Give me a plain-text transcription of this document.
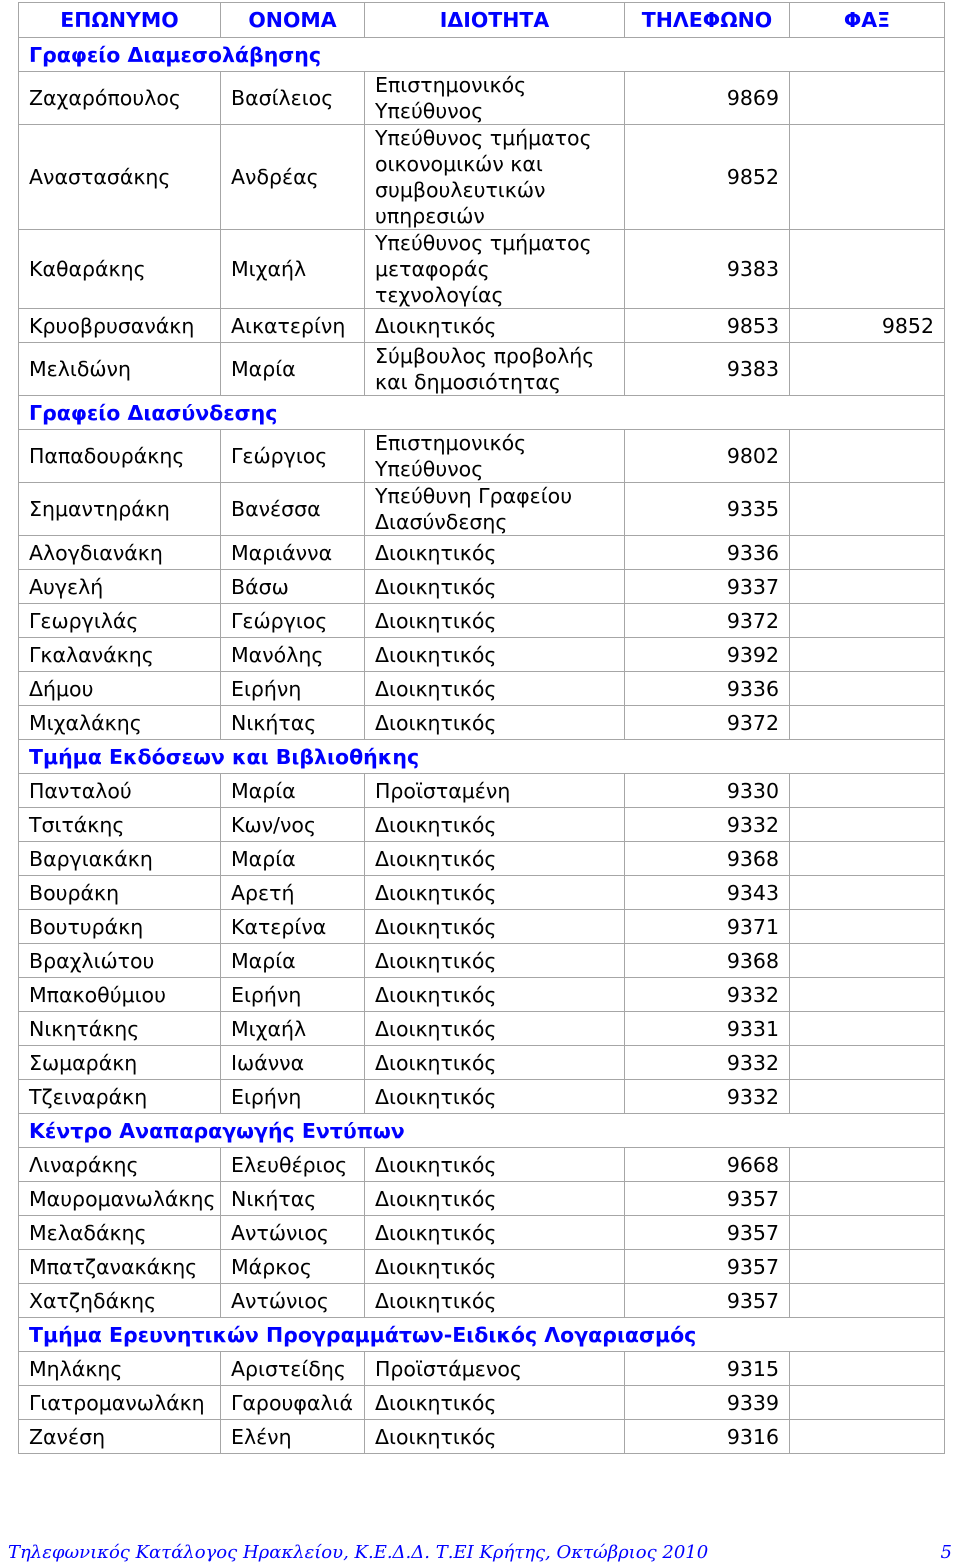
ΕΠΩΝΥΜΟ	ΟΝΟΜΑ	ΙΔΙΟΤΗΤΑ	ΤΗΛΕΦΩΝΟ	ΦΑΞ
Γραφείο Διαμεσολάβησης				
Ζαχαρόπουλος	Βασίλειος	Επιστημονικός Υπεύθυνος	9869	
Αναστασάκης	Ανδρέας	Υπεύθυνος τμήματος οικονομικών και συμβουλευτικών υπηρεσιών	9852	
Καθαράκης	Μιχαήλ	Υπεύθυνος τμήματος μεταφοράς τεχνολογίας	9383	
Κρυοβρυσανάκη	Αικατερίνη	Διοικητικός	9853	9852
Μελιδώνη	Μαρία	Σύμβουλος προβολής και δημοσιότητας	9383	
Γραφείο Διασύνδεσης				
Παπαδουράκης	Γεώργιος	Επιστημονικός Υπεύθυνος	9802	
Σημαντηράκη	Βανέσσα	Υπεύθυνη Γραφείου Διασύνδεσης	9335	
Αλογδιανάκη	Μαριάννα	Διοικητικός	9336	
Αυγελή	Βάσω	Διοικητικός	9337	
Γεωργιλάς	Γεώργιος	Διοικητικός	9372	
Γκαλανάκης	Μανόλης	Διοικητικός	9392	
Δήμου	Ειρήνη	Διοικητικός	9336	
Μιχαλάκης	Νικήτας	Διοικητικός	9372	
Τμήμα Εκδόσεων και Βιβλιοθήκης				
Πανταλού	Μαρία	Προϊσταμένη	9330	
Τσιτάκης	Κων/νος	Διοικητικός	9332	
Βαργιακάκη	Μαρία	Διοικητικός	9368	
Βουράκη	Αρετή	Διοικητικός	9343	
Βουτυράκη	Κατερίνα	Διοικητικός	9371	
Βραχλιώτου	Μαρία	Διοικητικός	9368	
Μπακοθύμιου	Ειρήνη	Διοικητικός	9332	
Νικητάκης	Μιχαήλ	Διοικητικός	9331	
Σωμαράκη	Ιωάννα	Διοικητικός	9332	
Τζειναράκη	Ειρήνη	Διοικητικός	9332	
Κέντρο Αναπαραγωγής Εντύπων				
Λιναράκης	Ελευθέριος	Διοικητικός	9668	
Μαυρομανωλάκης	Νικήτας	Διοικητικός	9357	
Μελαδάκης	Αντώνιος	Διοικητικός	9357	
Μπατζανακάκης	Μάρκος	Διοικητικός	9357	
Χατζηδάκης	Αντώνιος	Διοικητικός	9357	
Τμήμα Ερευνητικών Προγραμμάτων-Ειδικός Λογαριασμός				
Μηλάκης	Αριστείδης	Προϊστάμενος	9315	
Γιατρομανωλάκη	Γαρουφαλιά	Διοικητικός	9339	
Ζανέση	Ελένη	Διοικητικός	9316	
Τηλεφωνικός Κατάλογος Ηρακλείου, Κ.Ε.Δ.Δ. Τ.ΕΙ Κρήτης, Οκτώβριος 2010	5
